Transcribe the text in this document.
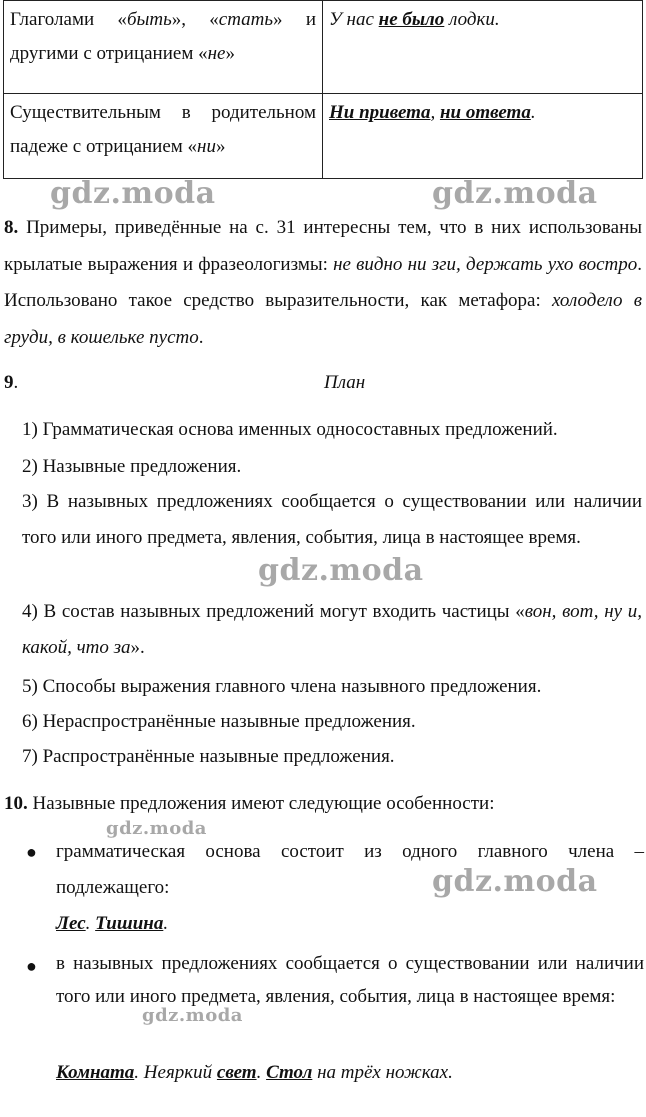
Глаголами «быть», «стать» и другими с отрицанием «не»	У нас не было лодки.
Существительным в родительном падеже с отрицанием «ни»	Ни привета, ни ответа.
gdz.moda	gdz.moda
8. Примеры, приведённые на с. 31 интересны тем, что в них использованы крылатые выражения и фразеологизмы: не видно ни зги, держать ухо востро. Использовано такое средство выразительности, как метафора: холодело в груди, в кошельке пусто.
9.	План
1) Грамматическая основа именных односоставных предложений.
2) Назывные предложения.
3) В назывных предложениях сообщается о существовании или наличии того или иного предмета, явления, события, лица в настоящее время.
4) В состав назывных предложений могут входить частицы «вон, вот, ну и, какой, что за».
5) Способы выражения главного члена назывного предложения.
6) Нераспространённые назывные предложения.
7) Распространённые назывные предложения.
gdz.moda
10. Назывные предложения имеют следующие особенности:
gdz.moda
● грамматическая основа состоит из одного главного члена – подлежащего:	gdz.moda
Лес. Тишина.
● в назывных предложениях сообщается о существовании или наличии того или иного предмета, явления, события, лица в настоящее время:
gdz.moda
Комната. Неяркий свет. Стол на трёх ножках.
